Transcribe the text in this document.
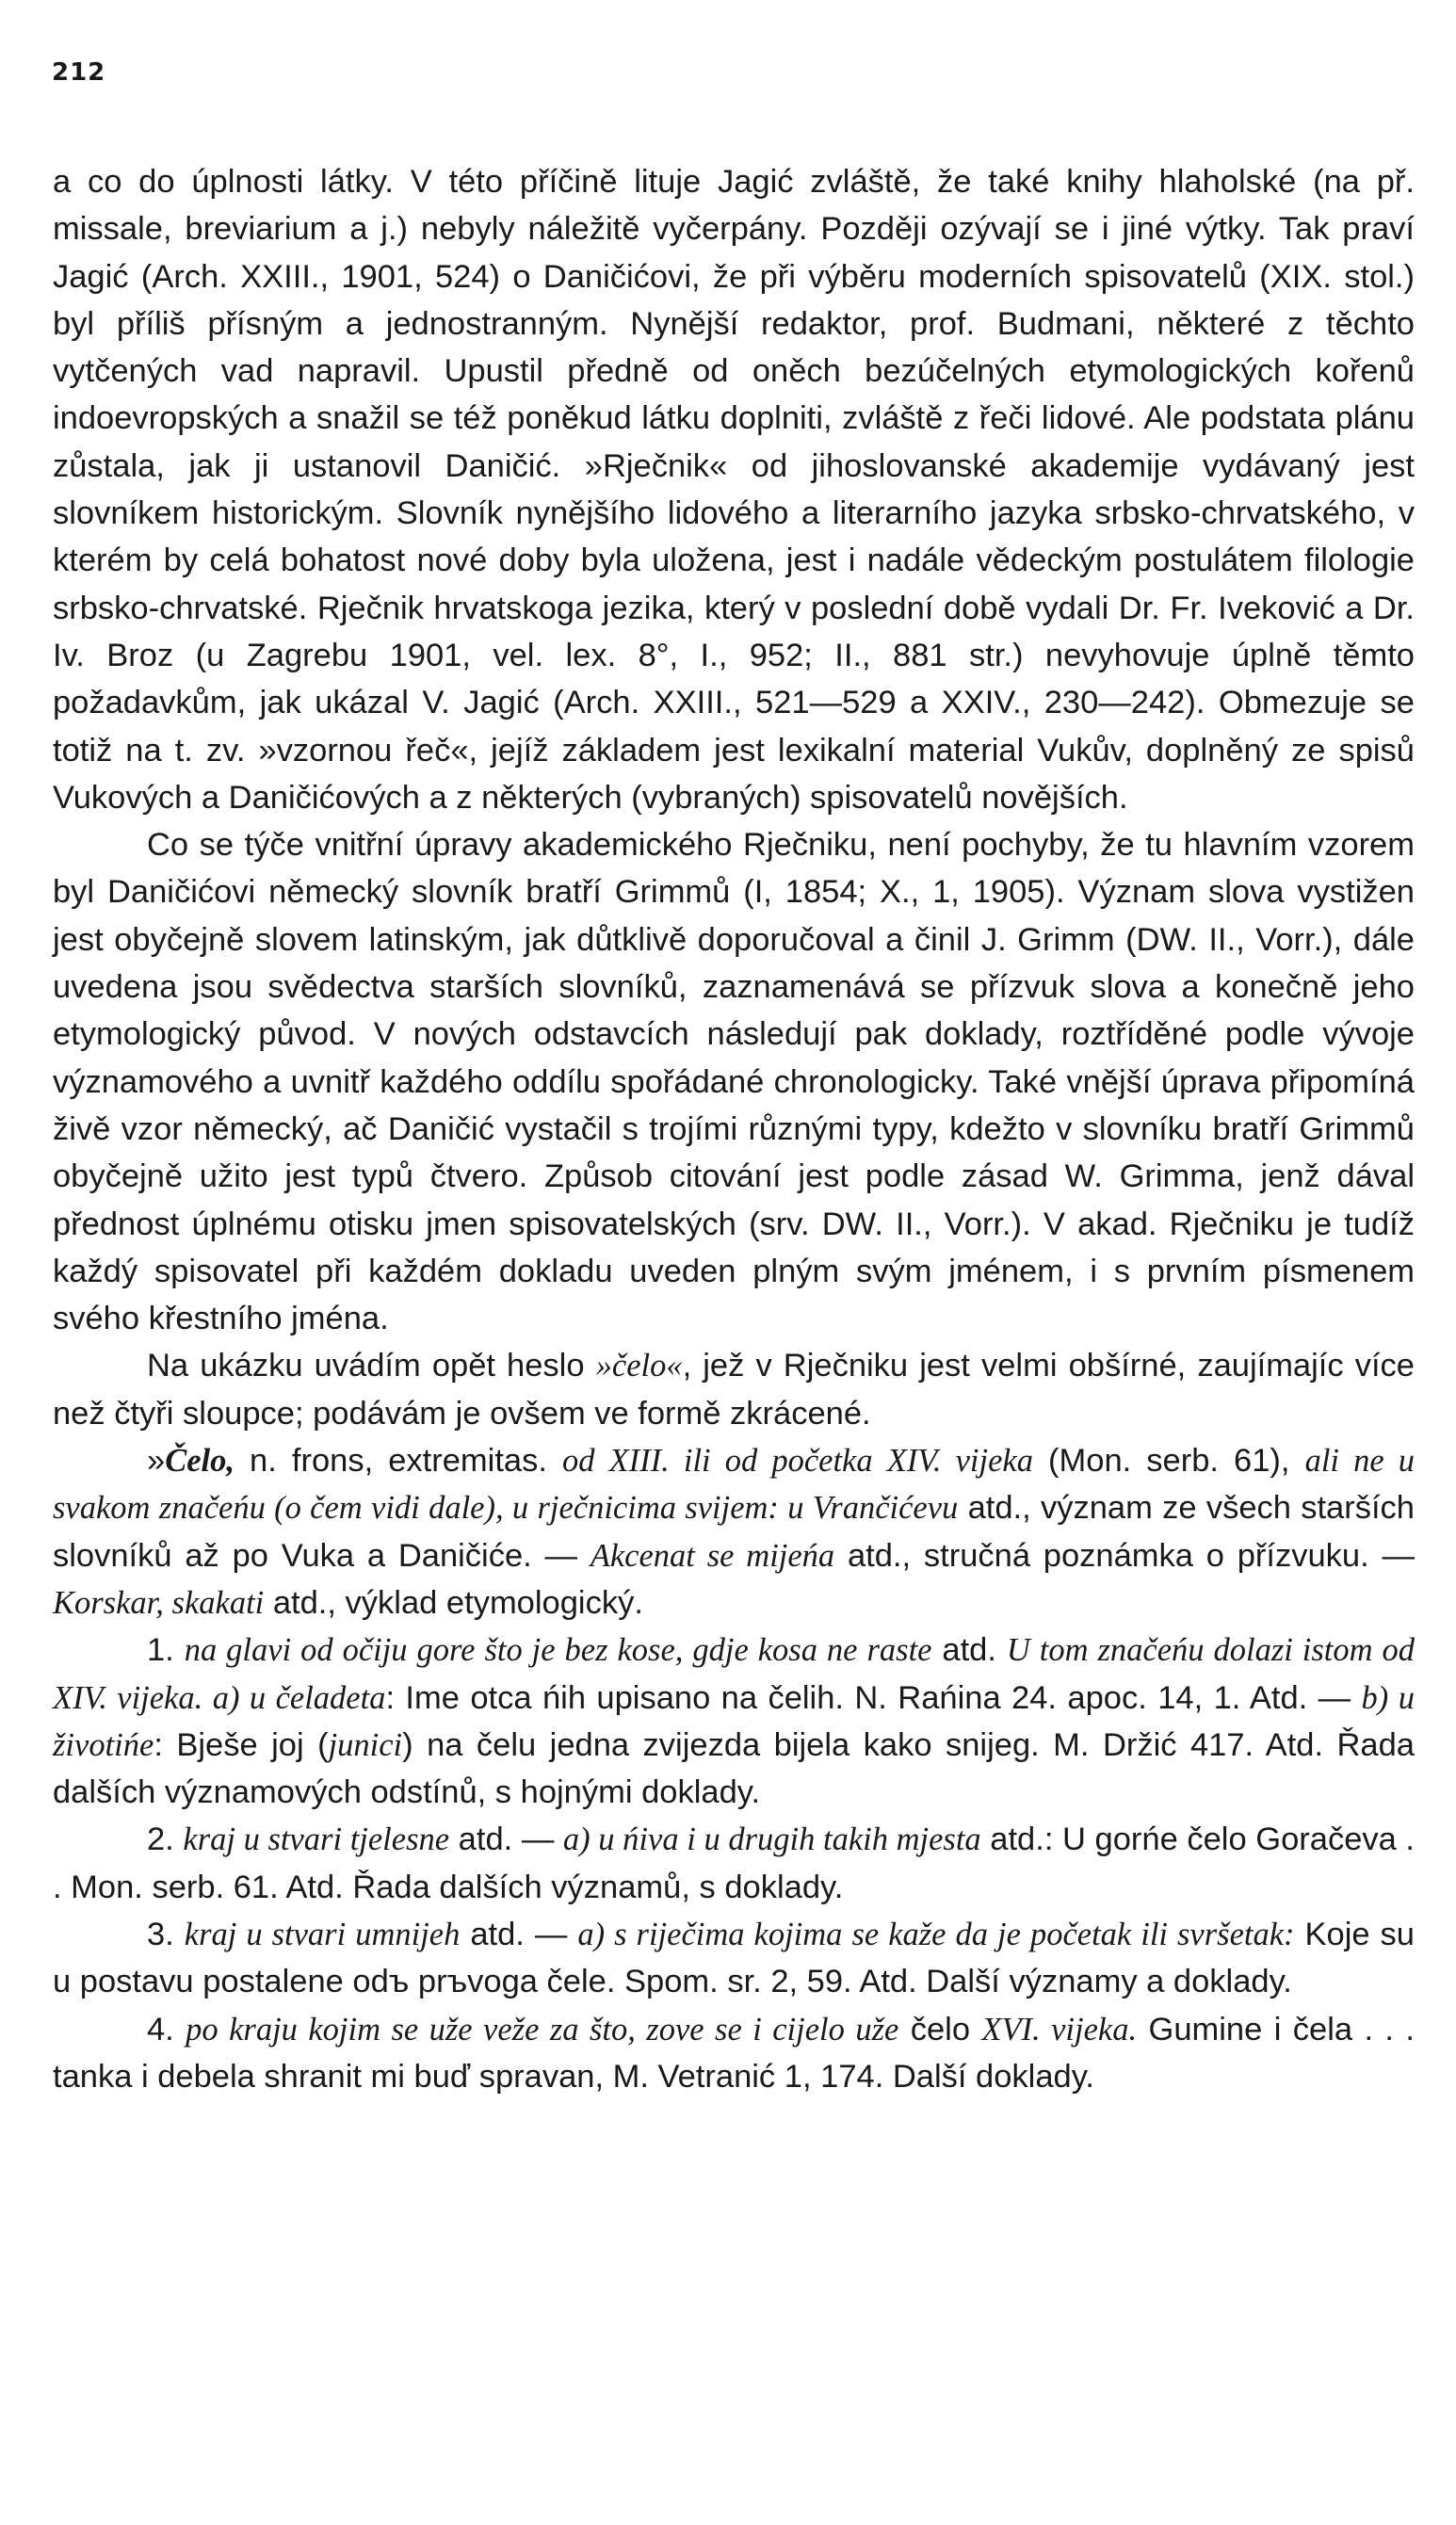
212

a co do úplnosti látky. V této příčině lituje Jagić zvláště, že také knihy hlaholské (na př. missale, breviarium a j.) nebyly náležitě vyčerpány. Později ozývají se i jiné výtky. Tak praví Jagić (Arch. XXIII., 1901, 524) o Daničićovi, že při výběru moderních spisovatelů (XIX. stol.) byl příliš přísným a jednostranným. Nynější redaktor, prof. Budmani, některé z těchto vytčených vad napravil. Upustil předně od oněch bezúčelných etymologických kořenů indoevropských a snažil se též poněkud látku doplniti, zvláště z řeči lidové. Ale podstata plánu zůstala, jak ji ustanovil Daničić. »Rječnik« od jihoslovanské akademije vydávaný jest slovníkem historickým. Slovník nynějšího lidového a literarního jazyka srbsko-chrvatského, v kterém by celá bohatost nové doby byla uložena, jest i nadále vědeckým postulátem filologie srbsko-chrvatské. Rječnik hrvatskoga jezika, který v poslední době vydali Dr. Fr. Iveković a Dr. Iv. Broz (u Zagrebu 1901, vel. lex. 8°, I., 952; II., 881 str.) nevyhovuje úplně těmto požadavkům, jak ukázal V. Jagić (Arch. XXIII., 521—529 a XXIV., 230—242). Obmezuje se totiž na t. zv. »vzornou řeč«, jejíž základem jest lexikalní material Vukův, doplněný ze spisů Vukových a Daničićových a z některých (vybraných) spisovatelů novějších.

Co se týče vnitřní úpravy akademického Rječniku, není pochyby, že tu hlavním vzorem byl Daničićovi německý slovník bratří Grimmů (I, 1854; X., 1, 1905). Význam slova vystižen jest obyčejně slovem latinským, jak důtklivě doporučoval a činil J. Grimm (DW. II., Vorr.), dále uvedena jsou svědectva starších slovníků, zaznamenává se přízvuk slova a konečně jeho etymologický původ. V nových odstavcích následují pak doklady, roztříděné podle vývoje významového a uvnitř každého oddílu spořádané chronologicky. Také vnější úprava připomíná živě vzor německý, ač Daničić vystačil s trojími různými typy, kdežto v slovníku bratří Grimmů obyčejně užito jest typů čtvero. Způsob citování jest podle zásad W. Grimma, jenž dával přednost úplnému otisku jmen spisovatelských (srv. DW. II., Vorr.). V akad. Rječniku je tudíž každý spisovatel při každém dokladu uveden plným svým jménem, i s prvním písmenem svého křestního jména.

Na ukázku uvádím opět heslo »čelo«, jež v Rječniku jest velmi obšírné, zaujímajíc více než čtyři sloupce; podávám je ovšem ve formě zkrácené.

»Čelo, n. frons, extremitas. od XIII. ili od početka XIV. vijeka (Mon. serb. 61), ali ne u svakom značeńu (o čem vidi dale), u rječnicima svijem: u Vrančićevu atd., význam ze všech starších slovníků až po Vuka a Daničiće. — Akcenat se mijeńa atd., stručná poznámka o přízvuku. — Korskar, skakati atd., výklad etymologický.

1. na glavi od očiju gore što je bez kose, gdje kosa ne raste atd. U tom značeńu dolazi istom od XIV. vijeka. a) u čeladeta: Ime otca ńih upisano na čelih. N. Rańina 24. apoc. 14, 1. Atd. — b) u životińe: Bješe joj (junici) na čelu jedna zvijezda bijela kako snijeg. M. Držić 417. Atd. Řada dalších významových odstínů, s hojnými doklady.

2. kraj u stvari tjelesne atd. — a) u ńiva i u drugih takih mjesta atd.: U gorńe čelo Goračeva . . Mon. serb. 61. Atd. Řada dalších významů, s doklady.

3. kraj u stvari umnijeh atd. — a) s riječima kojima se kaže da je početak ili svršetak: Koje su u postavu postalene odъ prъvoga čele. Spom. sr. 2, 59. Atd. Další významy a doklady.

4. po kraju kojim se uže veže za što, zove se i cijelo uže čelo XVI. vijeka. Gumine i čela . . . tanka i debela shranit mi buď spravan, M. Vetranić 1, 174. Další doklady.
